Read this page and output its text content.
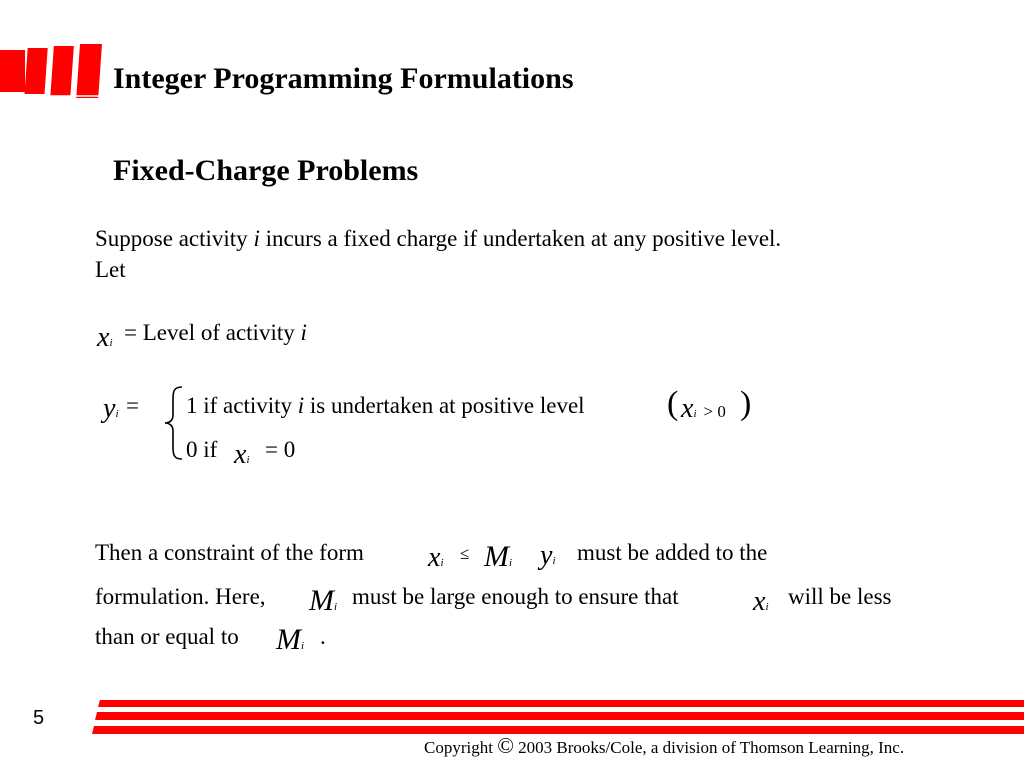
Integer Programming Formulations
Fixed-Charge Problems
Suppose activity i incurs a fixed charge if undertaken at any positive level.
Let
xi = Level of activity i
yi = 1 if activity i is undertaken at positive level ( xi > 0 )
0 if xi = 0
Then a constraint of the form xi ≤ Mi yi must be added to the
formulation. Here, Mi must be large enough to ensure that	xi will be less
than or equal to Mi .
5
Copyright © 2003 Brooks/Cole, a division of Thomson Learning, Inc.
